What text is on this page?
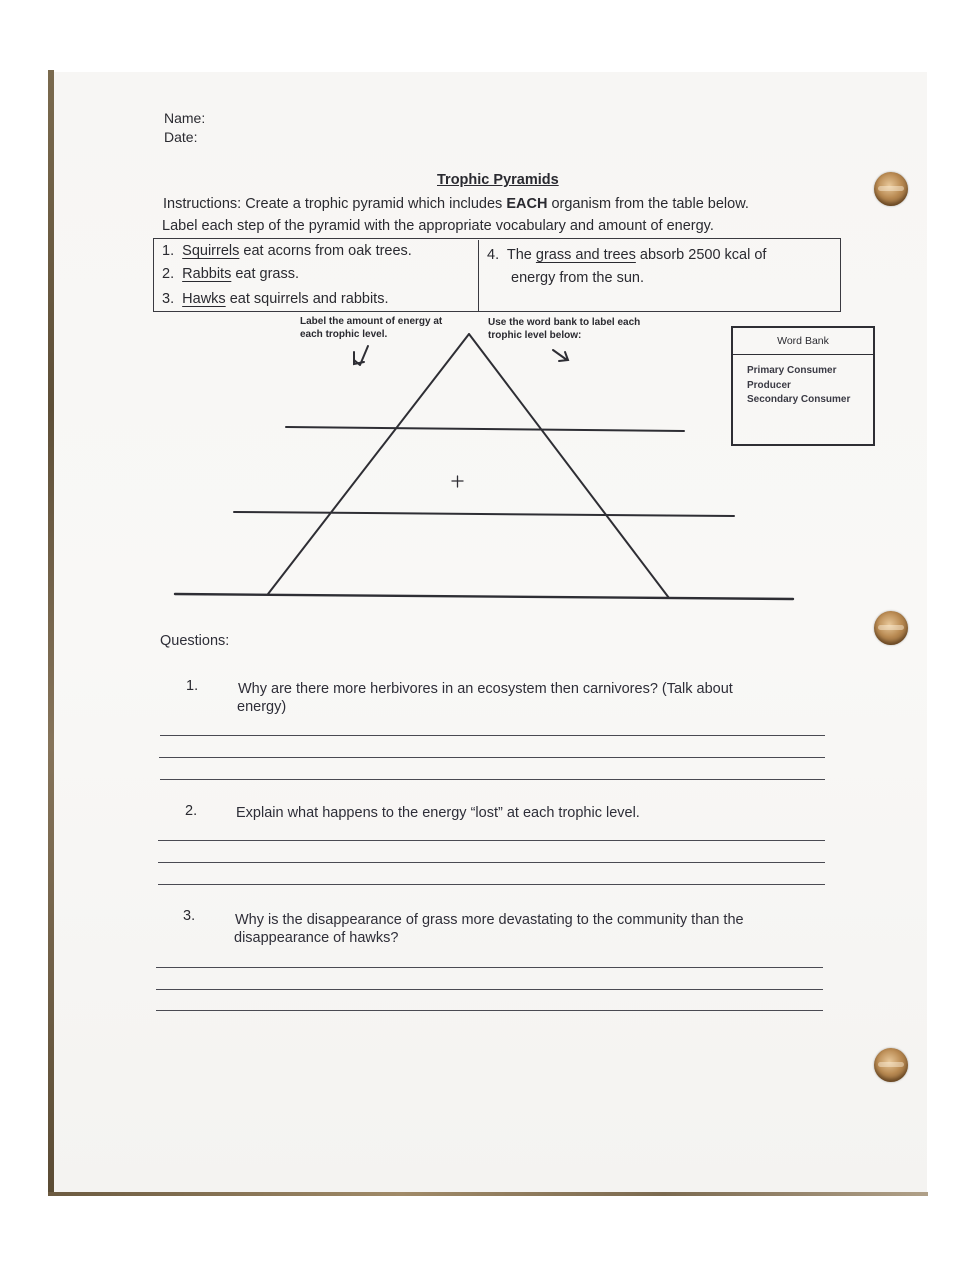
Name:
Date:
Trophic Pyramids
Instructions: Create a trophic pyramid which includes EACH organism from the table below.
Label each step of the pyramid with the appropriate vocabulary and amount of energy.
1. Squirrels eat acorns from oak trees.
2. Rabbits eat grass.
3. Hawks eat squirrels and rabbits.
4. The grass and trees absorb 2500 kcal of
energy from the sun.
Label the amount of energy at
each trophic level.
Use the word bank to label each
trophic level below:	Word Bank
Primary Consumer
Producer
Secondary Consumer
Questions:
1.	Why are there more herbivores in an ecosystem then carnivores? (Talk about
energy)
2.	Explain what happens to the energy “lost” at each trophic level.
3.	Why is the disappearance of grass more devastating to the community than the
disappearance of hawks?
